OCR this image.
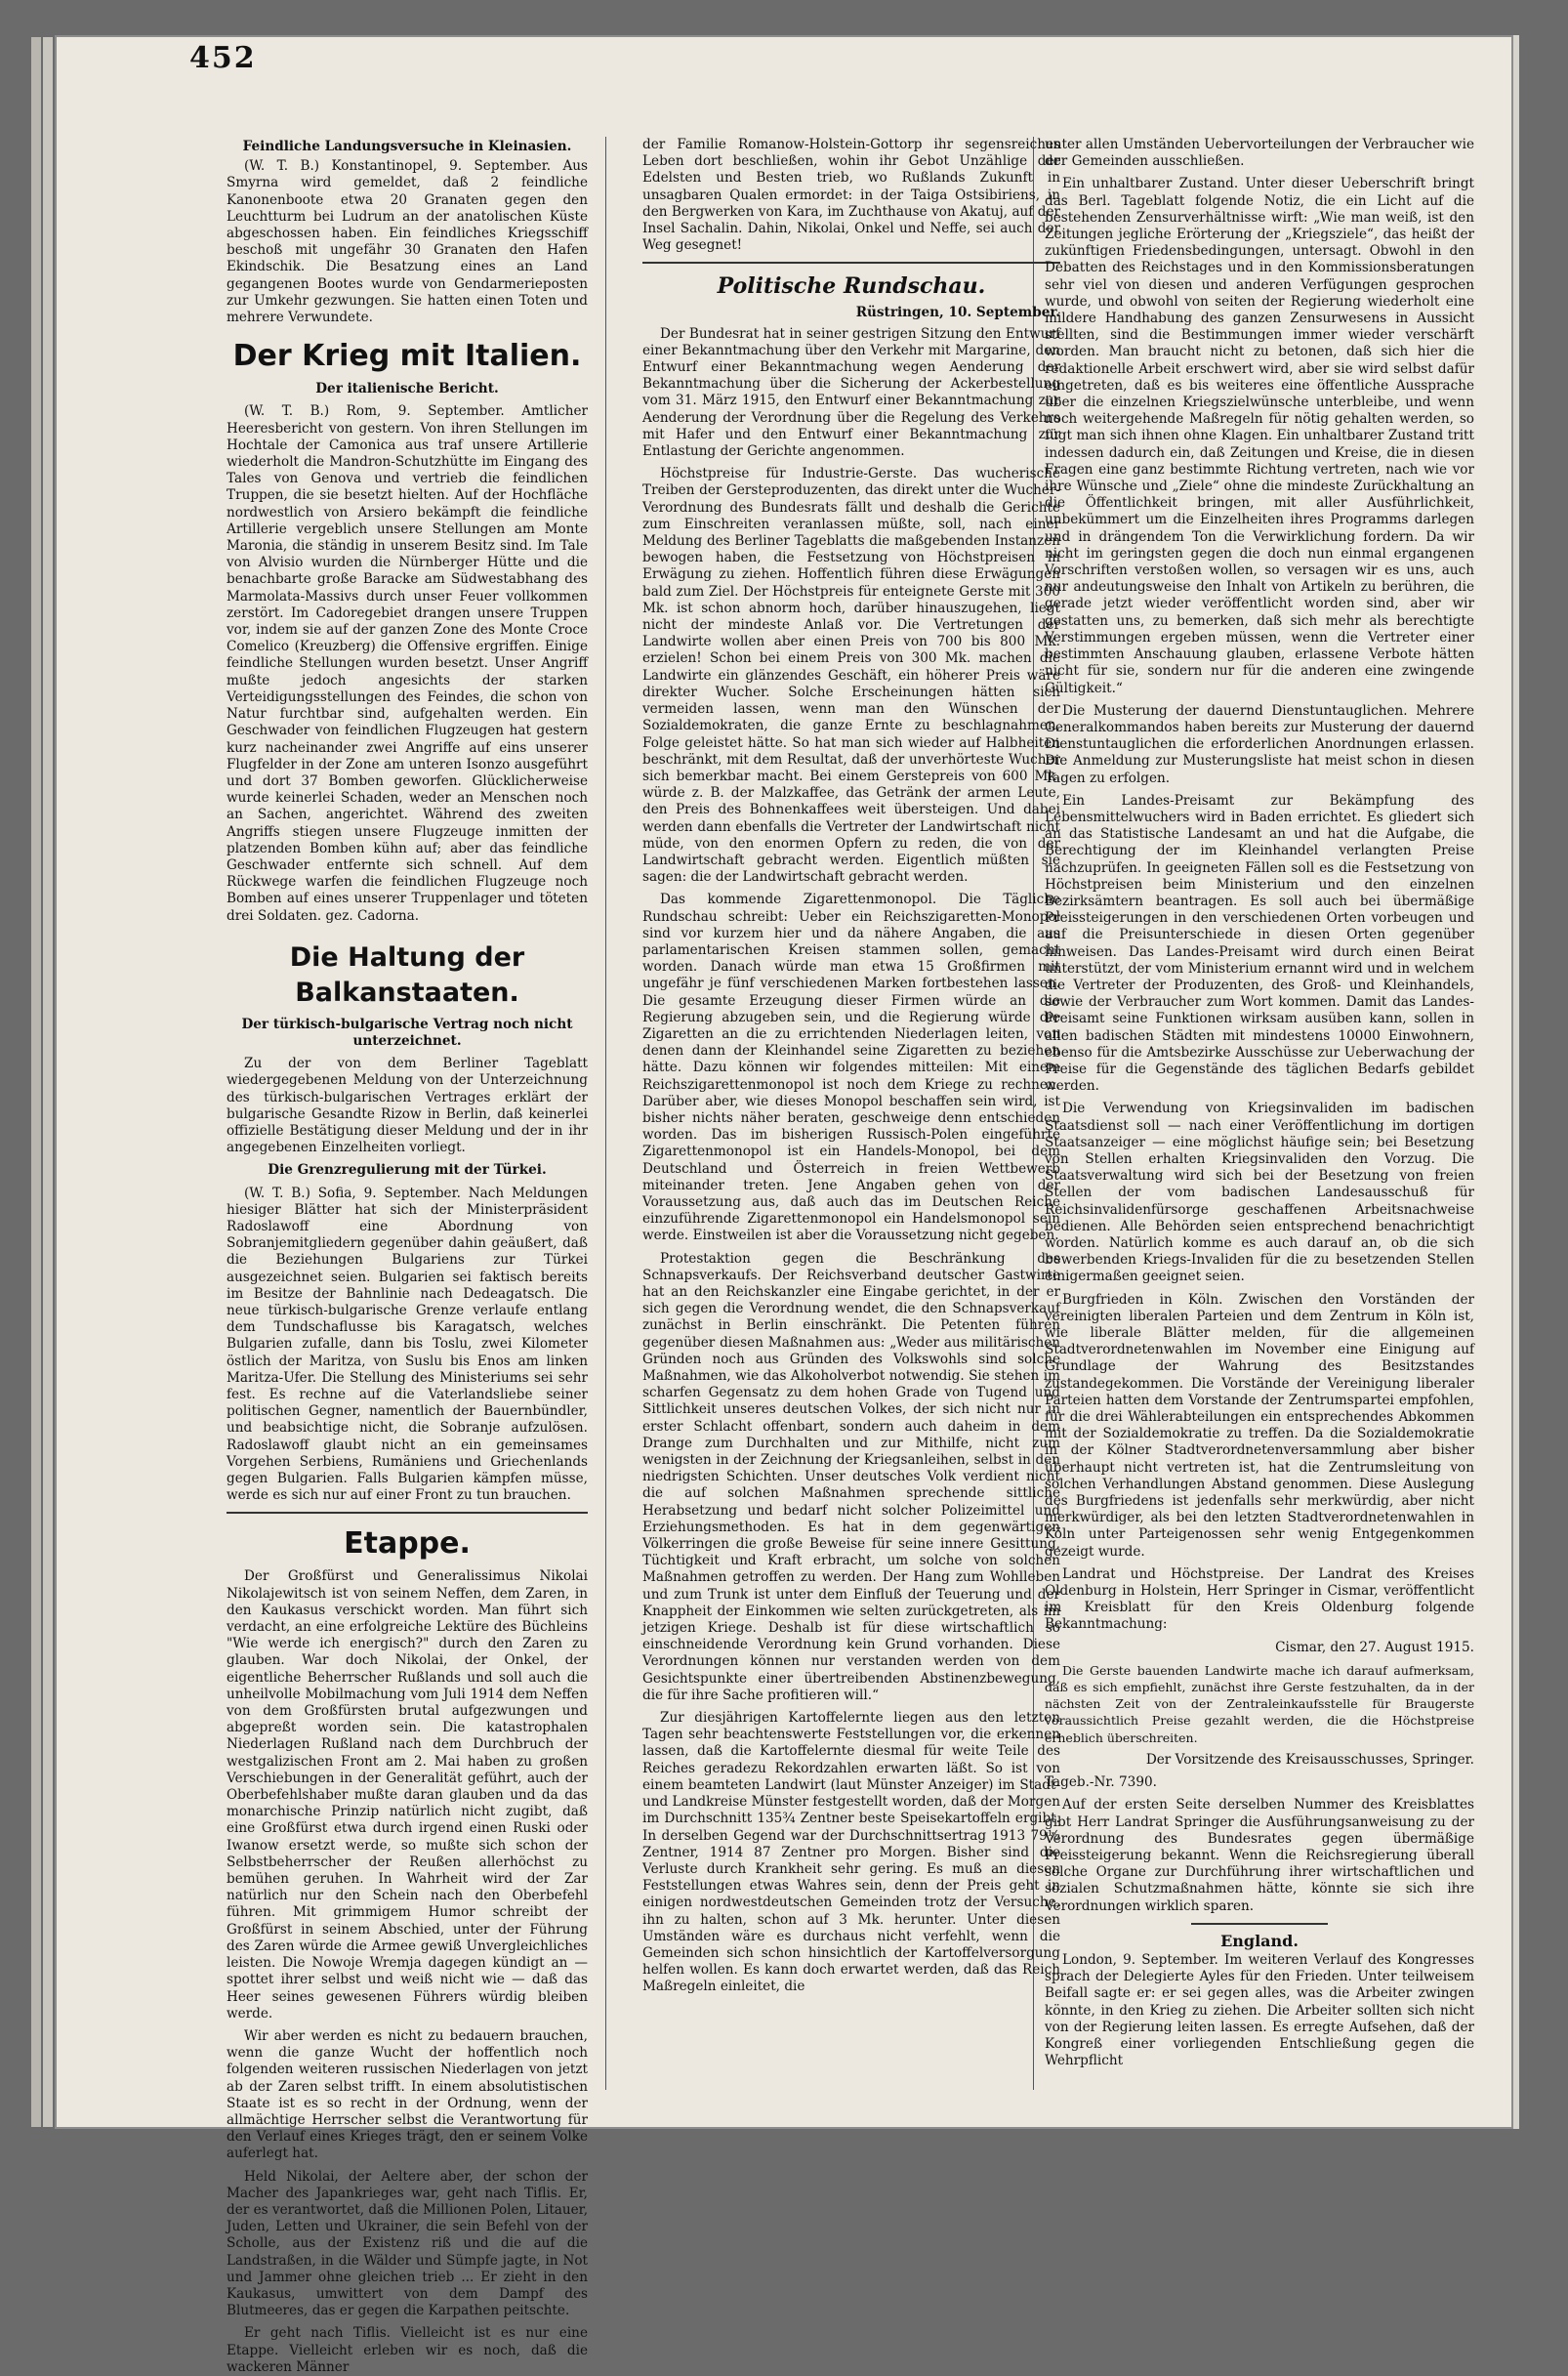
452
Feindliche Landungsversuche in Kleinasien.

(W. T. B.) Konstantinopel, 9. September. Aus Smyrna wird gemeldet, daß 2 feindliche Kanonenboote etwa 20 Granaten gegen den Leuchtturm bei Ludrum an der anatolischen Küste abgeschossen haben. Ein feindliches Kriegsschiff beschoß mit ungefähr 30 Granaten den Hafen Ekindschik. Die Besatzung eines an Land gegangenen Bootes wurde von Gendarmerieposten zur Umkehr gezwungen. Sie hatten einen Toten und mehrere Verwundete.

Der Krieg mit Italien.
Der italienische Bericht.

(W. T. B.) Rom, 9. September. Amtlicher Heeresbericht von gestern. Von ihren Stellungen im Hochtale der Camonica aus traf unsere Artillerie wiederholt die Mandron-Schutzhütte im Eingang des Tales von Genova und vertrieb die feindlichen Truppen, die sie besetzt hielten. Auf der Hochfläche nordwestlich von Arsiero bekämpft die feindliche Artillerie vergeblich unsere Stellungen am Monte Maronia, die ständig in unserem Besitz sind. Im Tale von Alvisio wurden die Nürnberger Hütte und die benachbarte große Baracke am Südwestabhang des Marmolata-Massivs durch unser Feuer vollkommen zerstört. Im Cadoregebiet drangen unsere Truppen vor, indem sie auf der ganzen Zone des Monte Croce Comelico (Kreuzberg) die Offensive ergriffen. Einige feindliche Stellungen wurden besetzt. Unser Angriff mußte jedoch angesichts der starken Verteidigungsstellungen des Feindes, die schon von Natur furchtbar sind, aufgehalten werden. Ein Geschwader von feindlichen Flugzeugen hat gestern kurz nacheinander zwei Angriffe auf eins unserer Flugfelder in der Zone am unteren Isonzo ausgeführt und dort 37 Bomben geworfen. Glücklicherweise wurde keinerlei Schaden, weder an Menschen noch an Sachen, angerichtet. Während des zweiten Angriffs stiegen unsere Flugzeuge inmitten der platzenden Bomben kühn auf; aber das feindliche Geschwader entfernte sich schnell. Auf dem Rückwege warfen die feindlichen Flugzeuge noch Bomben auf eines unserer Truppenlager und töteten drei Soldaten. gez. Cadorna.

Die Haltung der Balkanstaaten.
Der türkisch-bulgarische Vertrag noch nicht unterzeichnet.

Zu der von dem Berliner Tageblatt wiedergegebenen Meldung von der Unterzeichnung des türkisch-bulgarischen Vertrages erklärt der bulgarische Gesandte Rizow in Berlin, daß keinerlei offizielle Bestätigung dieser Meldung und der in ihr angegebenen Einzelheiten vorliegt.

Die Grenzregulierung mit der Türkei.

(W. T. B.) Sofia, 9. September. Nach Meldungen hiesiger Blätter hat sich der Ministerpräsident Radoslawoff eine Abordnung von Sobranjemitgliedern gegenüber dahin geäußert, daß die Beziehungen Bulgariens zur Türkei ausgezeichnet seien. Bulgarien sei faktisch bereits im Besitze der Bahnlinie nach Dedeagatsch. Die neue türkisch-bulgarische Grenze verlaufe entlang dem Tundschaflusse bis Karagatsch, welches Bulgarien zufalle, dann bis Toslu, zwei Kilometer östlich der Maritza, von Suslu bis Enos am linken Maritza-Ufer. Die Stellung des Ministeriums sei sehr fest. Es rechne auf die Vaterlandsliebe seiner politischen Gegner, namentlich der Bauernbündler, und beabsichtige nicht, die Sobranje aufzulösen. Radoslawoff glaubt nicht an ein gemeinsames Vorgehen Serbiens, Rumäniens und Griechenlands gegen Bulgarien. Falls Bulgarien kämpfen müsse, werde es sich nur auf einer Front zu tun brauchen.

Etappe.

Der Großfürst und Generalissimus Nikolai Nikolajewitsch ist von seinem Neffen, dem Zaren, in den Kaukasus verschickt worden. Man führt sich verdacht, an eine erfolgreiche Lektüre des Büchleins "Wie werde ich energisch?" durch den Zaren zu glauben. War doch Nikolai, der Onkel, der eigentliche Beherrscher Rußlands und soll auch die unheilvolle Mobilmachung vom Juli 1914 dem Neffen von dem Großfürsten brutal aufgezwungen und abgepreßt worden sein. Die katastrophalen Niederlagen Rußland nach dem Durchbruch der westgalizischen Front am 2. Mai haben zu großen Verschiebungen in der Generalität geführt, auch der Oberbefehlshaber mußte daran glauben und da das monarchische Prinzip natürlich nicht zugibt, daß eine Großfürst etwa durch irgend einen Ruski oder Iwanow ersetzt werde, so mußte sich schon der Selbstbeherrscher der Reußen allerhöchst zu bemühen geruhen. In Wahrheit wird der Zar natürlich nur den Schein nach den Oberbefehl führen. Mit grimmigem Humor schreibt der Großfürst in seinem Abschied, unter der Führung des Zaren würde die Armee gewiß Unvergleichliches leisten. Die Nowoje Wremja dagegen kündigt an — spottet ihrer selbst und weiß nicht wie — daß das Heer seines gewesenen Führers würdig bleiben werde.

Wir aber werden es nicht zu bedauern brauchen, wenn die ganze Wucht der hoffentlich noch folgenden weiteren russischen Niederlagen von jetzt ab der Zaren selbst trifft. In einem absolutistischen Staate ist es so recht in der Ordnung, wenn der allmächtige Herrscher selbst die Verantwortung für den Verlauf eines Krieges trägt, den er seinem Volke auferlegt hat.

Held Nikolai, der Aeltere aber, der schon der Macher des Japankrieges war, geht nach Tiflis. Er, der es verantwortet, daß die Millionen Polen, Litauer, Juden, Letten und Ukrainer, die sein Befehl von der Scholle, aus der Existenz riß und die auf die Landstraßen, in die Wälder und Sümpfe jagte, in Not und Jammer ohne gleichen trieb ... Er zieht in den Kaukasus, umwittert von dem Dampf des Blutmeeres, das er gegen die Karpathen peitschte.

Er geht nach Tiflis. Vielleicht ist es nur eine Etappe. Vielleicht erleben wir es noch, daß die wackeren Männer

der Familie Romanow-Holstein-Gottorp ihr segensreiches Leben dort beschließen, wohin ihr Gebot Unzählige der Edelsten und Besten trieb, wo Rußlands Zukunft in unsagbaren Qualen ermordet: in der Taiga Ostsibiriens, in den Bergwerken von Kara, im Zuchthause von Akatuj, auf der Insel Sachalin. Dahin, Nikolai, Onkel und Neffe, sei auch der Weg gesegnet!

Politische Rundschau.
Rüstringen, 10. September.

Der Bundesrat hat in seiner gestrigen Sitzung den Entwurf einer Bekanntmachung über den Verkehr mit Margarine, den Entwurf einer Bekanntmachung wegen Aenderung der Bekanntmachung über die Sicherung der Ackerbestellung vom 31. März 1915, den Entwurf einer Bekanntmachung zur Aenderung der Verordnung über die Regelung des Verkehrs mit Hafer und den Entwurf einer Bekanntmachung zur Entlastung der Gerichte angenommen.

Höchstpreise für Industrie-Gerste. Das wucherische Treiben der Gersteproduzenten, das direkt unter die Wucher-Verordnung des Bundesrats fällt und deshalb die Gerichte zum Einschreiten veranlassen müßte, soll, nach einer Meldung des Berliner Tageblatts die maßgebenden Instanzen bewogen haben, die Festsetzung von Höchstpreisen in Erwägung zu ziehen. Hoffentlich führen diese Erwägungen bald zum Ziel. Der Höchstpreis für enteignete Gerste mit 300 Mk. ist schon abnorm hoch, darüber hinauszugehen, liegt nicht der mindeste Anlaß vor. Die Vertretungen der Landwirte wollen aber einen Preis von 700 bis 800 Mk. erzielen! Schon bei einem Preis von 300 Mk. machen die Landwirte ein glänzendes Geschäft, ein höherer Preis wäre direkter Wucher. Solche Erscheinungen hätten sich vermeiden lassen, wenn man den Wünschen der Sozialdemokraten, die ganze Ernte zu beschlagnahmen, Folge geleistet hätte. So hat man sich wieder auf Halbheiten beschränkt, mit dem Resultat, daß der unverhörteste Wucher sich bemerkbar macht. Bei einem Gerstepreis von 600 Mk. würde z. B. der Malzkaffee, das Getränk der armen Leute, den Preis des Bohnenkaffees weit übersteigen. Und dabei werden dann ebenfalls die Vertreter der Landwirtschaft nicht müde, von den enormen Opfern zu reden, die von der Landwirtschaft gebracht werden. Eigentlich müßten sie sagen: die der Landwirtschaft gebracht werden.

Das kommende Zigarettenmonopol. Die Tägliche Rundschau schreibt: Ueber ein Reichszigaretten-Monopol sind vor kurzem hier und da nähere Angaben, die aus parlamentarischen Kreisen stammen sollen, gemacht worden. Danach würde man etwa 15 Großfirmen mit ungefähr je fünf verschiedenen Marken fortbestehen lassen. Die gesamte Erzeugung dieser Firmen würde an die Regierung abzugeben sein, und die Regierung würde die Zigaretten an die zu errichtenden Niederlagen leiten, von denen dann der Kleinhandel seine Zigaretten zu beziehen hätte. Dazu können wir folgendes mitteilen: Mit einem Reichszigarettenmonopol ist noch dem Kriege zu rechnen. Darüber aber, wie dieses Monopol beschaffen sein wird, ist bisher nichts näher beraten, geschweige denn entschieden worden. Das im bisherigen Russisch-Polen eingeführte Zigarettenmonopol ist ein Handels-Monopol, bei dem Deutschland und Österreich in freien Wettbewerb miteinander treten. Jene Angaben gehen von der Voraussetzung aus, daß auch das im Deutschen Reiche einzuführende Zigarettenmonopol ein Handelsmonopol sein werde. Einstweilen ist aber die Voraussetzung nicht gegeben.

Protestaktion gegen die Beschränkung des Schnapsverkaufs. Der Reichsverband deutscher Gastwirte hat an den Reichskanzler eine Eingabe gerichtet, in der er sich gegen die Verordnung wendet, die den Schnapsverkauf zunächst in Berlin einschränkt. Die Petenten führen gegenüber diesen Maßnahmen aus: „Weder aus militärischen Gründen noch aus Gründen des Volkswohls sind solche Maßnahmen, wie das Alkoholverbot notwendig. Sie stehen im scharfen Gegensatz zu dem hohen Grade von Tugend und Sittlichkeit unseres deutschen Volkes, der sich nicht nur in erster Schlacht offenbart, sondern auch daheim in dem Drange zum Durchhalten und zur Mithilfe, nicht zum wenigsten in der Zeichnung der Kriegsanleihen, selbst in den niedrigsten Schichten. Unser deutsches Volk verdient nicht die auf solchen Maßnahmen sprechende sittliche Herabsetzung und bedarf nicht solcher Polizeimittel und Erziehungsmethoden. Es hat in dem gegenwärtigen Völkerringen die große Beweise für seine innere Gesittung, Tüchtigkeit und Kraft erbracht, um solche von solchen Maßnahmen getroffen zu werden. Der Hang zum Wohlleben und zum Trunk ist unter dem Einfluß der Teuerung und der Knappheit der Einkommen wie selten zurückgetreten, als im jetzigen Kriege. Deshalb ist für diese wirtschaftlich so einschneidende Verordnung kein Grund vorhanden. Diese Verordnungen können nur verstanden werden von dem Gesichtspunkte einer übertreibenden Abstinenzbewegung, die für ihre Sache profitieren will.“

Zur diesjährigen Kartoffelernte liegen aus den letzten Tagen sehr beachtenswerte Feststellungen vor, die erkennen lassen, daß die Kartoffelernte diesmal für weite Teile des Reiches geradezu Rekordzahlen erwarten läßt. So ist von einem beamteten Landwirt (laut Münster Anzeiger) im Stadt- und Landkreise Münster festgestellt worden, daß der Morgen im Durchschnitt 135¾ Zentner beste Speisekartoffeln ergibt. In derselben Gegend war der Durchschnittsertrag 1913 79½ Zentner, 1914 87 Zentner pro Morgen. Bisher sind die Verluste durch Krankheit sehr gering. Es muß an diesen Feststellungen etwas Wahres sein, denn der Preis geht in einigen nordwestdeutschen Gemeinden trotz der Versuche, ihn zu halten, schon auf 3 Mk. herunter. Unter diesen Umständen wäre es durchaus nicht verfehlt, wenn die Gemeinden sich schon hinsichtlich der Kartoffelversorgung helfen wollen. Es kann doch erwartet werden, daß das Reich Maßregeln einleitet, die

unter allen Umständen Uebervorteilungen der Verbraucher wie der Gemeinden ausschließen.

Ein unhaltbarer Zustand. Unter dieser Ueberschrift bringt das Berl. Tageblatt folgende Notiz, die ein Licht auf die bestehenden Zensurverhältnisse wirft: „Wie man weiß, ist den Zeitungen jegliche Erörterung der „Kriegsziele“, das heißt der zukünftigen Friedensbedingungen, untersagt. Obwohl in den Debatten des Reichstages und in den Kommissionsberatungen sehr viel von diesen und anderen Verfügungen gesprochen wurde, und obwohl von seiten der Regierung wiederholt eine mildere Handhabung des ganzen Zensurwesens in Aussicht stellten, sind die Bestimmungen immer wieder verschärft worden. Man braucht nicht zu betonen, daß sich hier die redaktionelle Arbeit erschwert wird, aber sie wird selbst dafür eingetreten, daß es bis weiteres eine öffentliche Aussprache über die einzelnen Kriegszielwünsche unterbleibe, und wenn noch weitergehende Maßregeln für nötig gehalten werden, so fügt man sich ihnen ohne Klagen. Ein unhaltbarer Zustand tritt indessen dadurch ein, daß Zeitungen und Kreise, die in diesen Fragen eine ganz bestimmte Richtung vertreten, nach wie vor ihre Wünsche und „Ziele“ ohne die mindeste Zurückhaltung an die Öffentlichkeit bringen, mit aller Ausführlichkeit, unbekümmert um die Einzelheiten ihres Programms darlegen und in drängendem Ton die Verwirklichung fordern. Da wir nicht im geringsten gegen die doch nun einmal ergangenen Vorschriften verstoßen wollen, so versagen wir es uns, auch nur andeutungsweise den Inhalt von Artikeln zu berühren, die gerade jetzt wieder veröffentlicht worden sind, aber wir gestatten uns, zu bemerken, daß sich mehr als berechtigte Verstimmungen ergeben müssen, wenn die Vertreter einer bestimmten Anschauung glauben, erlassene Verbote hätten nicht für sie, sondern nur für die anderen eine zwingende Gültigkeit.“

Die Musterung der dauernd Dienstuntauglichen. Mehrere Generalkommandos haben bereits zur Musterung der dauernd Dienstuntauglichen die erforderlichen Anordnungen erlassen. Die Anmeldung zur Musterungsliste hat meist schon in diesen Tagen zu erfolgen.

Ein Landes-Preisamt zur Bekämpfung des Lebensmittelwuchers wird in Baden errichtet. Es gliedert sich an das Statistische Landesamt an und hat die Aufgabe, die Berechtigung der im Kleinhandel verlangten Preise nachzuprüfen. In geeigneten Fällen soll es die Festsetzung von Höchstpreisen beim Ministerium und den einzelnen Bezirksämtern beantragen. Es soll auch bei übermäßige Preissteigerungen in den verschiedenen Orten vorbeugen und auf die Preisunterschiede in diesen Orten gegenüber hinweisen. Das Landes-Preisamt wird durch einen Beirat unterstützt, der vom Ministerium ernannt wird und in welchem die Vertreter der Produzenten, des Groß- und Kleinhandels, sowie der Verbraucher zum Wort kommen. Damit das Landes-Preisamt seine Funktionen wirksam ausüben kann, sollen in allen badischen Städten mit mindestens 10000 Einwohnern, ebenso für die Amtsbezirke Ausschüsse zur Ueberwachung der Preise für die Gegenstände des täglichen Bedarfs gebildet werden.

Die Verwendung von Kriegsinvaliden im badischen Staatsdienst soll — nach einer Veröffentlichung im dortigen Staatsanzeiger — eine möglichst häufige sein; bei Besetzung von Stellen erhalten Kriegsinvaliden den Vorzug. Die Staatsverwaltung wird sich bei der Besetzung von freien Stellen der vom badischen Landesausschuß für Reichsinvalidenfürsorge geschaffenen Arbeitsnachweise bedienen. Alle Behörden seien entsprechend benachrichtigt worden. Natürlich komme es auch darauf an, ob die sich bewerbenden Kriegs-Invaliden für die zu besetzenden Stellen einigermaßen geeignet seien.

Burgfrieden in Köln. Zwischen den Vorständen der vereinigten liberalen Parteien und dem Zentrum in Köln ist, wie liberale Blätter melden, für die allgemeinen Stadtverordnetenwahlen im November eine Einigung auf Grundlage der Wahrung des Besitzstandes zustandegekommen. Die Vorstände der Vereinigung liberaler Parteien hatten dem Vorstande der Zentrumspartei empfohlen, für die drei Wählerabteilungen ein entsprechendes Abkommen mit der Sozialdemokratie zu treffen. Da die Sozialdemokratie in der Kölner Stadtverordnetenversammlung aber bisher überhaupt nicht vertreten ist, hat die Zentrumsleitung von solchen Verhandlungen Abstand genommen. Diese Auslegung des Burgfriedens ist jedenfalls sehr merkwürdig, aber nicht merkwürdiger, als bei den letzten Stadtverordnetenwahlen in Köln unter Parteigenossen sehr wenig Entgegenkommen gezeigt wurde.

Landrat und Höchstpreise. Der Landrat des Kreises Oldenburg in Holstein, Herr Springer in Cismar, veröffentlicht im Kreisblatt für den Kreis Oldenburg folgende Bekanntmachung:

Cismar, den 27. August 1915.

Die Gerste bauenden Landwirte mache ich darauf aufmerksam, daß es sich empfiehlt, zunächst ihre Gerste festzuhalten, da in der nächsten Zeit von der Zentraleinkaufsstelle für Braugerste voraussichtlich Preise gezahlt werden, die die Höchstpreise erheblich überschreiten.

Der Vorsitzende des Kreisausschusses, Springer.
Tageb.-Nr. 7390.

Auf der ersten Seite derselben Nummer des Kreisblattes gibt Herr Landrat Springer die Ausführungsanweisung zu der Verordnung des Bundesrates gegen übermäßige Preissteigerung bekannt. Wenn die Reichsregierung überall solche Organe zur Durchführung ihrer wirtschaftlichen und sozialen Schutzmaßnahmen hätte, könnte sie sich ihre Verordnungen wirklich sparen.

England.

London, 9. September. Im weiteren Verlauf des Kongresses sprach der Delegierte Ayles für den Frieden. Unter teilweisem Beifall sagte er: er sei gegen alles, was die Arbeiter zwingen könnte, in den Krieg zu ziehen. Die Arbeiter sollten sich nicht von der Regierung leiten lassen. Es erregte Aufsehen, daß der Kongreß einer vorliegenden Entschließung gegen die Wehrpflicht
